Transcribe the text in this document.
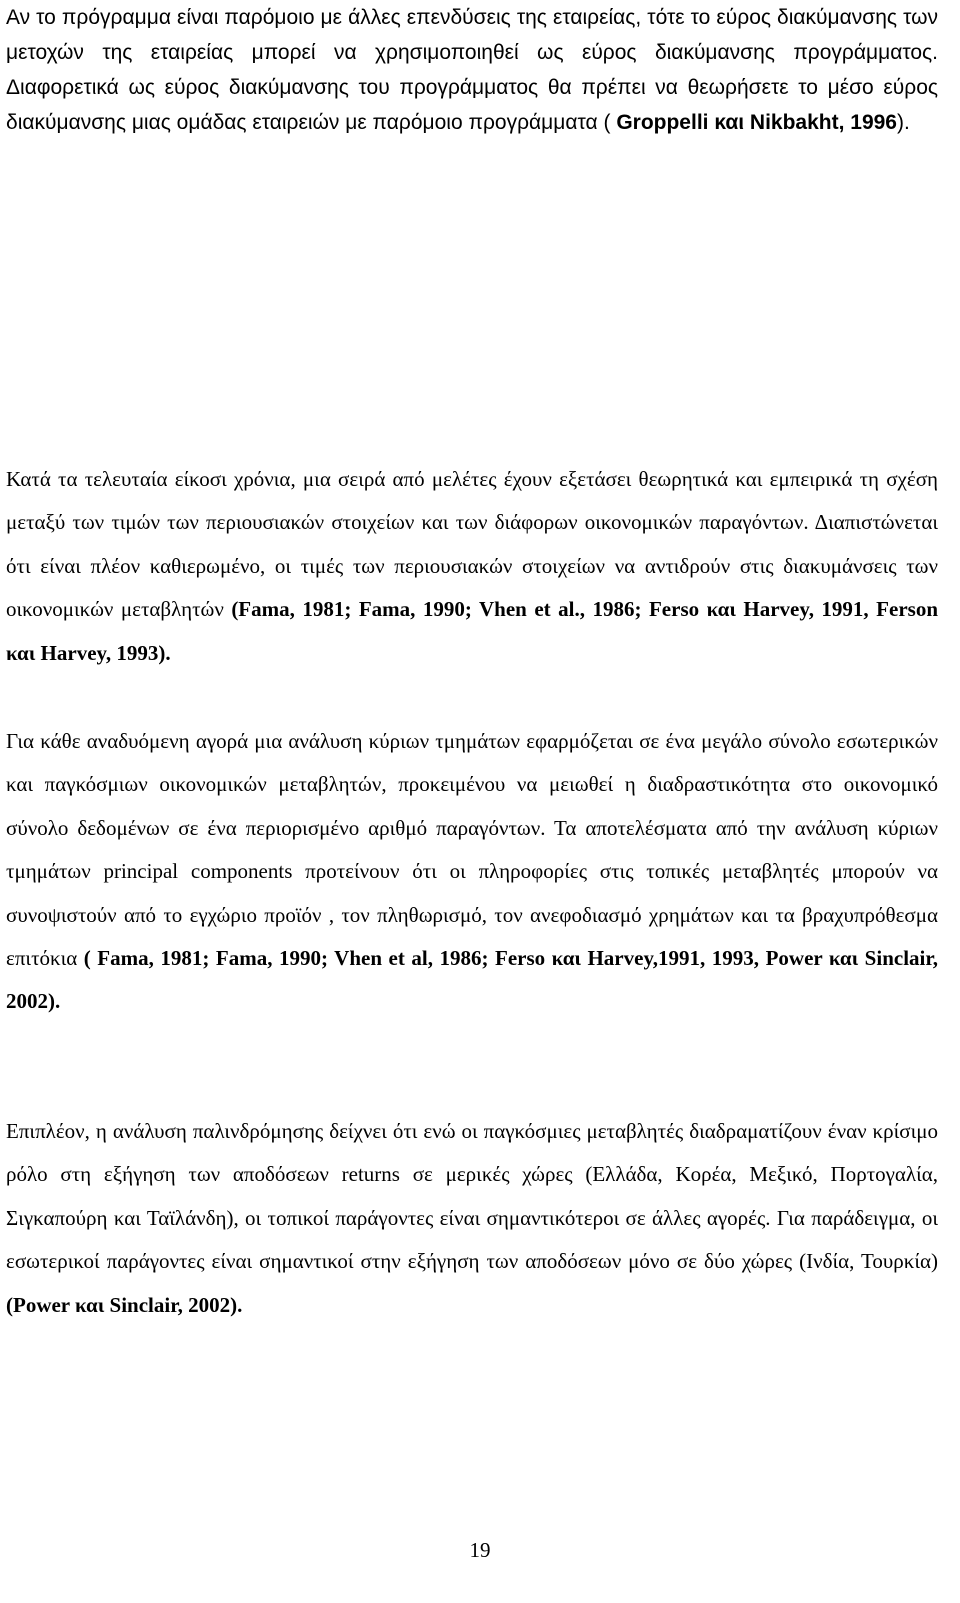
Αν το πρόγραμμα είναι παρόμοιο με άλλες επενδύσεις της εταιρείας, τότε το εύρος διακύμανσης των μετοχών της εταιρείας μπορεί να χρησιμοποιηθεί ως εύρος διακύμανσης προγράμματος. Διαφορετικά ως εύρος διακύμανσης του προγράμματος θα πρέπει να θεωρήσετε το μέσο εύρος διακύμανσης μιας ομάδας εταιρειών με παρόμοιο προγράμματα ( Groppelli και Nikbakht, 1996).

Κατά τα τελευταία είκοσι χρόνια, μια σειρά από μελέτες έχουν εξετάσει θεωρητικά και εμπειρικά τη σχέση μεταξύ των τιμών των περιουσιακών στοιχείων και των διάφορων οικονομικών παραγόντων. Διαπιστώνεται ότι είναι πλέον καθιερωμένο, οι τιμές των περιουσιακών στοιχείων να αντιδρούν στις διακυμάνσεις των οικονομικών μεταβλητών (Fama, 1981; Fama, 1990; Vhen et al., 1986; Ferso και Harvey, 1991, Ferson και Harvey, 1993).

Για κάθε αναδυόμενη αγορά μια ανάλυση κύριων τμημάτων εφαρμόζεται σε ένα μεγάλο σύνολο εσωτερικών και παγκόσμιων οικονομικών μεταβλητών, προκειμένου να μειωθεί η διαδραστικότητα στο οικονομικό σύνολο δεδομένων σε ένα περιορισμένο αριθμό παραγόντων. Τα αποτελέσματα από την ανάλυση κύριων τμημάτων principal components προτείνουν ότι οι πληροφορίες στις τοπικές μεταβλητές μπορούν να συνοψιστούν από το εγχώριο προϊόν , τον πληθωρισμό, τον ανεφοδιασμό χρημάτων και τα βραχυπρόθεσμα επιτόκια ( Fama, 1981; Fama, 1990; Vhen et al, 1986; Ferso και Harvey,1991, 1993, Power και Sinclair, 2002).

Επιπλέον, η ανάλυση παλινδρόμησης δείχνει ότι ενώ οι παγκόσμιες μεταβλητές διαδραματίζουν έναν κρίσιμο ρόλο στη εξήγηση των αποδόσεων returns σε μερικές χώρες (Ελλάδα, Κορέα, Μεξικό, Πορτογαλία, Σιγκαπούρη και Ταϊλάνδη), οι τοπικοί παράγοντες είναι σημαντικότεροι σε άλλες αγορές. Για παράδειγμα, οι εσωτερικοί παράγοντες είναι σημαντικοί στην εξήγηση των αποδόσεων μόνο σε δύο χώρες (Ινδία, Τουρκία) (Power και Sinclair, 2002).

19
